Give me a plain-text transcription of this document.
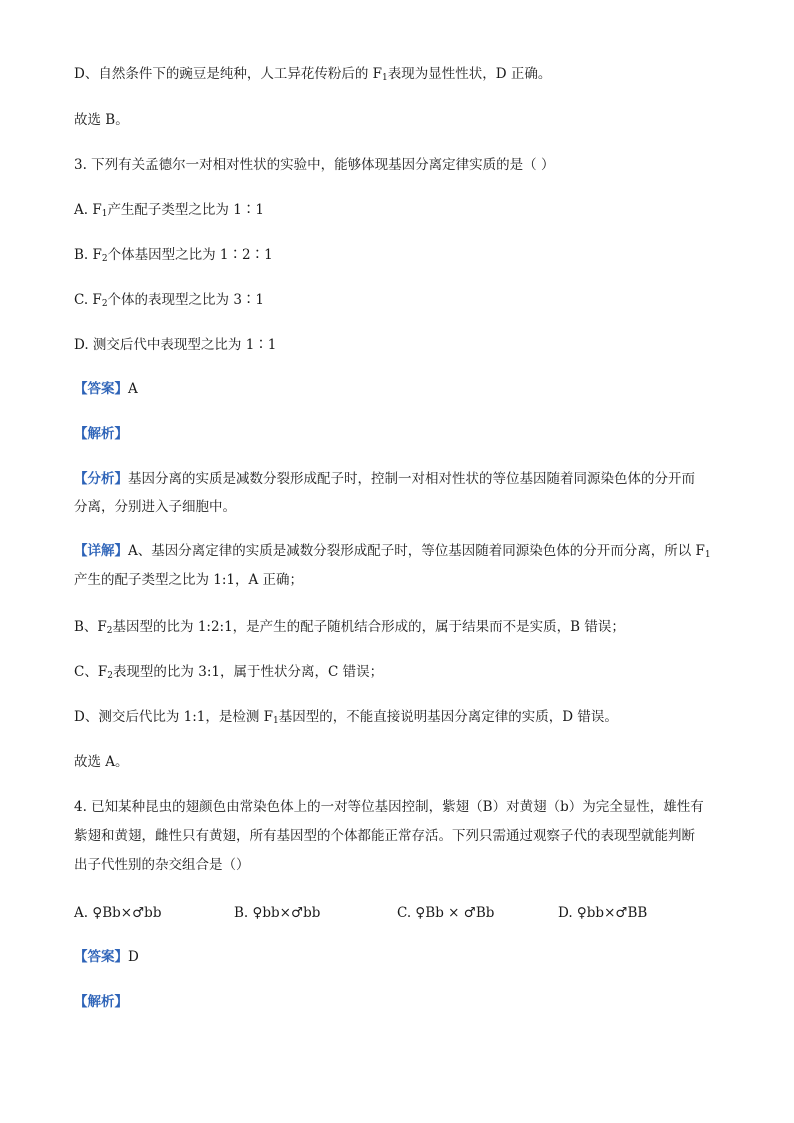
D、自然条件下的豌豆是纯种，人工异花传粉后的 $F_1$表现为显性性状，D 正确。
故选 B。
3. 下列有关孟德尔一对相对性状的实验中，能够体现基因分离定律实质的是（ ）
A. $F_1$产生配子类型之比为 1∶1
B. $F_2$个体基因型之比为 1∶2∶1
C. $F_2$个体的表现型之比为 3∶1
D. 测交后代中表现型之比为 1∶1
【答案】A
【解析】
【分析】基因分离的实质是减数分裂形成配子时，控制一对相对性状的等位基因随着同源染色体的分开而
分离，分别进入子细胞中。
【详解】A、基因分离定律的实质是减数分裂形成配子时，等位基因随着同源染色体的分开而分离，所以 $F_1$
产生的配子类型之比为 1:1，A 正确；
B、$F_2$基因型的比为 1:2:1，是产生的配子随机结合形成的，属于结果而不是实质，B 错误；
C、$F_2$表现型的比为 3:1，属于性状分离，C 错误；
D、测交后代比为 1:1，是检测 $F_1$基因型的，不能直接说明基因分离定律的实质，D 错误。
故选 A。
4. 已知某种昆虫的翅颜色由常染色体上的一对等位基因控制，紫翅（B）对黄翅（b）为完全显性，雄性有
紫翅和黄翅，雌性只有黄翅，所有基因型的个体都能正常存活。下列只需通过观察子代的表现型就能判断
出子代性别的杂交组合是（）
A. ♀Bb×♂bb	B. ♀bb×♂bb	C. ♀Bb × ♂Bb	D. ♀bb×♂BB
【答案】D
【解析】
